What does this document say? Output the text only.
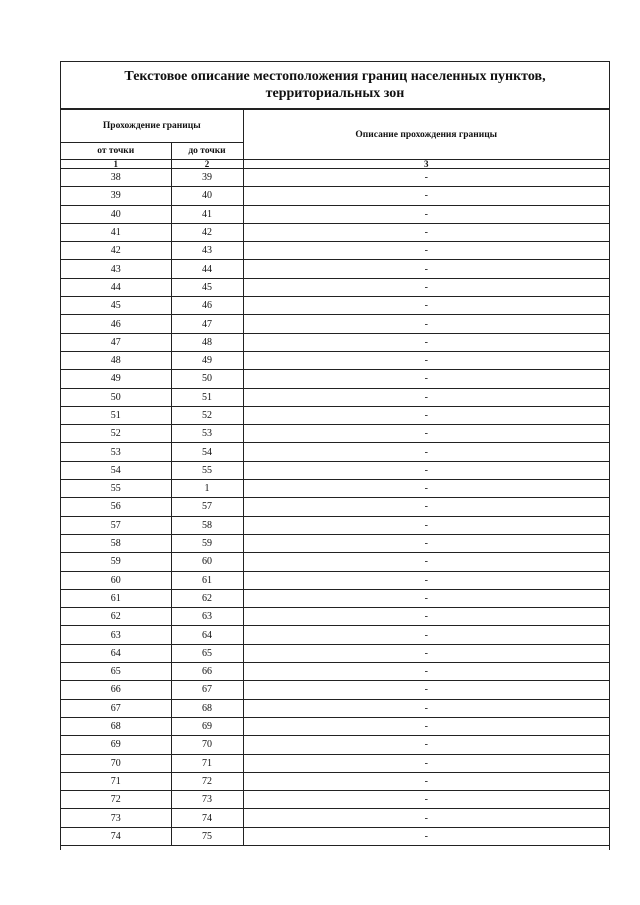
Текстовое описание местоположения границ населенных пунктов,
территориальных зон
Прохождение границы		Описание прохождения границы
от точки	до точки	
1	2	3
38	39	-
39	40	-
40	41	-
41	42	-
42	43	-
43	44	-
44	45	-
45	46	-
46	47	-
47	48	-
48	49	-
49	50	-
50	51	-
51	52	-
52	53	-
53	54	-
54	55	-
55	1	-
56	57	-
57	58	-
58	59	-
59	60	-
60	61	-
61	62	-
62	63	-
63	64	-
64	65	-
65	66	-
66	67	-
67	68	-
68	69	-
69	70	-
70	71	-
71	72	-
72	73	-
73	74	-
74	75	-
